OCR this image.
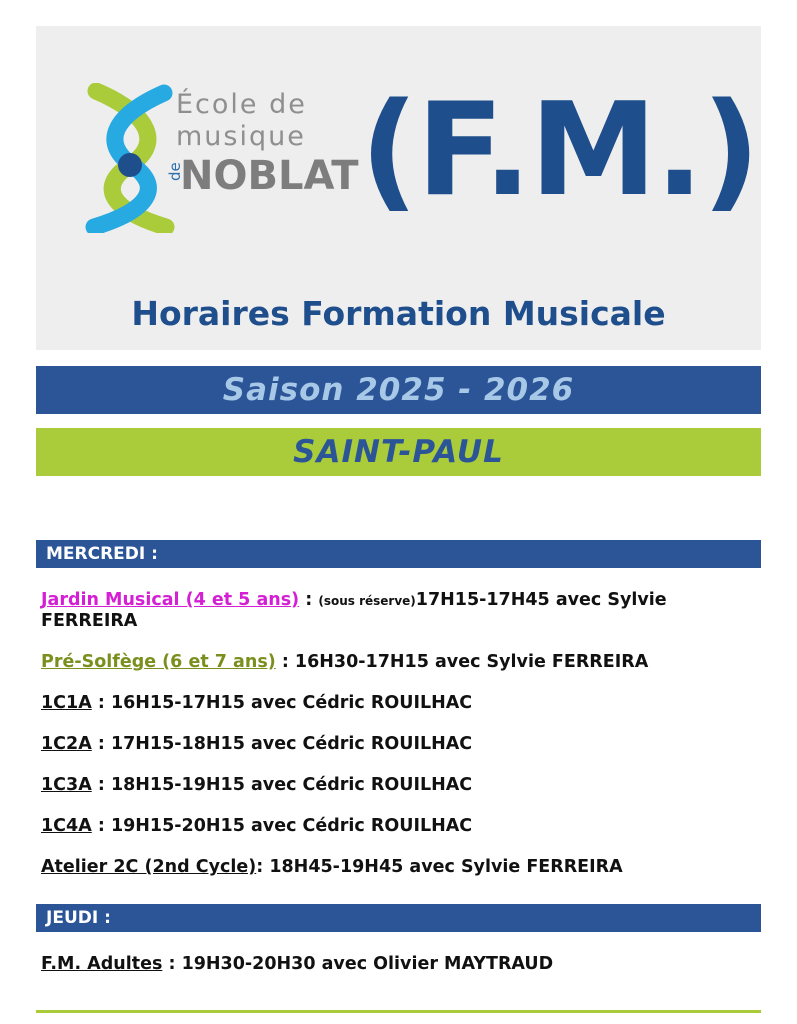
École de
musique
NOBLAT
de (F.M.)
Horaires Formation Musicale
Saison 2025 - 2026
SAINT-PAUL
MERCREDI :
Jardin Musical (4 et 5 ans) : (sous réserve)17H15-17H45 avec Sylvie FERREIRA
Pré-Solfège (6 et 7 ans) : 16H30-17H15 avec Sylvie FERREIRA
1C1A : 16H15-17H15 avec Cédric ROUILHAC
1C2A : 17H15-18H15 avec Cédric ROUILHAC
1C3A : 18H15-19H15 avec Cédric ROUILHAC
1C4A : 19H15-20H15 avec Cédric ROUILHAC
Atelier 2C (2nd Cycle): 18H45-19H45 avec Sylvie FERREIRA
JEUDI :
F.M. Adultes : 19H30-20H30 avec Olivier MAYTRAUD
